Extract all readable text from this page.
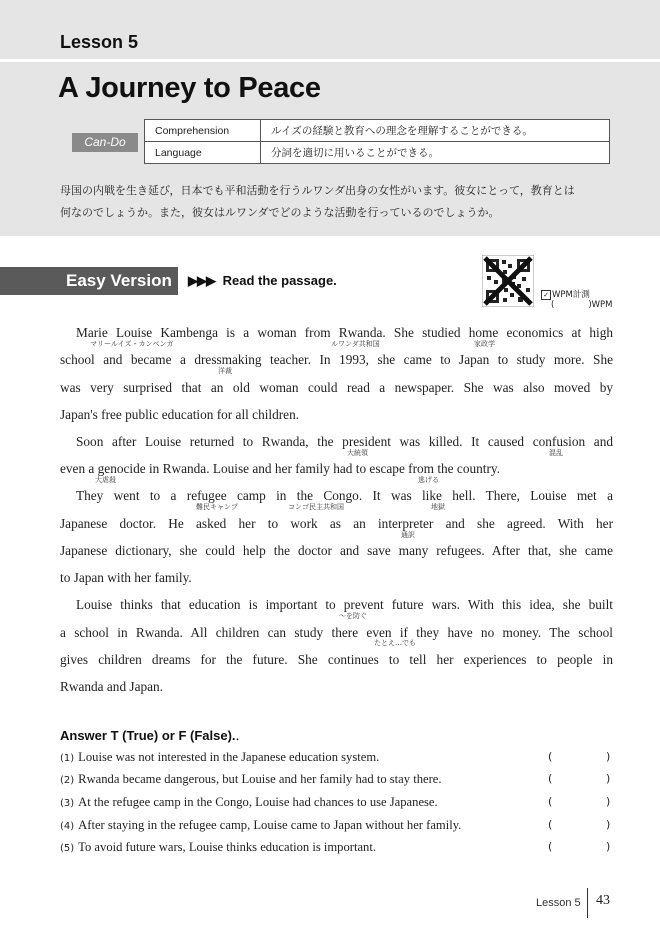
Lesson 5
A Journey to Peace
Can-Do
Comprehension	ルイズの経験と教育への理念を理解することができる。
Language	分詞を適切に用いることができる。
母国の内戦を生き延び，日本でも平和活動を行うルワンダ出身の女性がいます。彼女にとって，教育とは
何なのでしょうか。また，彼女はルワンダでどのような活動を行っているのでしょうか。
Easy Version	▶▶▶ Read the passage.
✓ WPM計測
(	)WPM
Marie Louise Kambenga is a woman from Rwanda. She studied home economics at high
school and became a dressmaking teacher. In 1993, she came to Japan to study more. She
was very surprised that an old woman could read a newspaper. She was also moved by
Japan's free public education for all children.
Soon after Louise returned to Rwanda, the president was killed. It caused confusion and
even a genocide in Rwanda. Louise and her family had to escape from the country.
They went to a refugee camp in the Congo. It was like hell. There, Louise met a
Japanese doctor. He asked her to work as an interpreter and she agreed. With her
Japanese dictionary, she could help the doctor and save many refugees. After that, she came
to Japan with her family.
Louise thinks that education is important to prevent future wars. With this idea, she built
a school in Rwanda. All children can study there even if they have no money. The school
gives children dreams for the future. She continues to tell her experiences to people in
Rwanda and Japan.
マリールイズ・カンベンガ	ルワンダ共和国	家政学
洋裁
大統領	混乱
大虐殺	逃げる
難民キャンプ	コンゴ民主共和国	地獄
通訳
～を防ぐ
たとえ…でも
Answer T (True) or F (False).．
(1) Louise was not interested in the Japanese education system.	(	)
(2) Rwanda became dangerous, but Louise and her family had to stay there.	(	)
(3) At the refugee camp in the Congo, Louise had chances to use Japanese.	(	)
(4) After staying in the refugee camp, Louise came to Japan without her family.	(	)
(5) To avoid future wars, Louise thinks education is important.	(	)
Lesson 5 43
